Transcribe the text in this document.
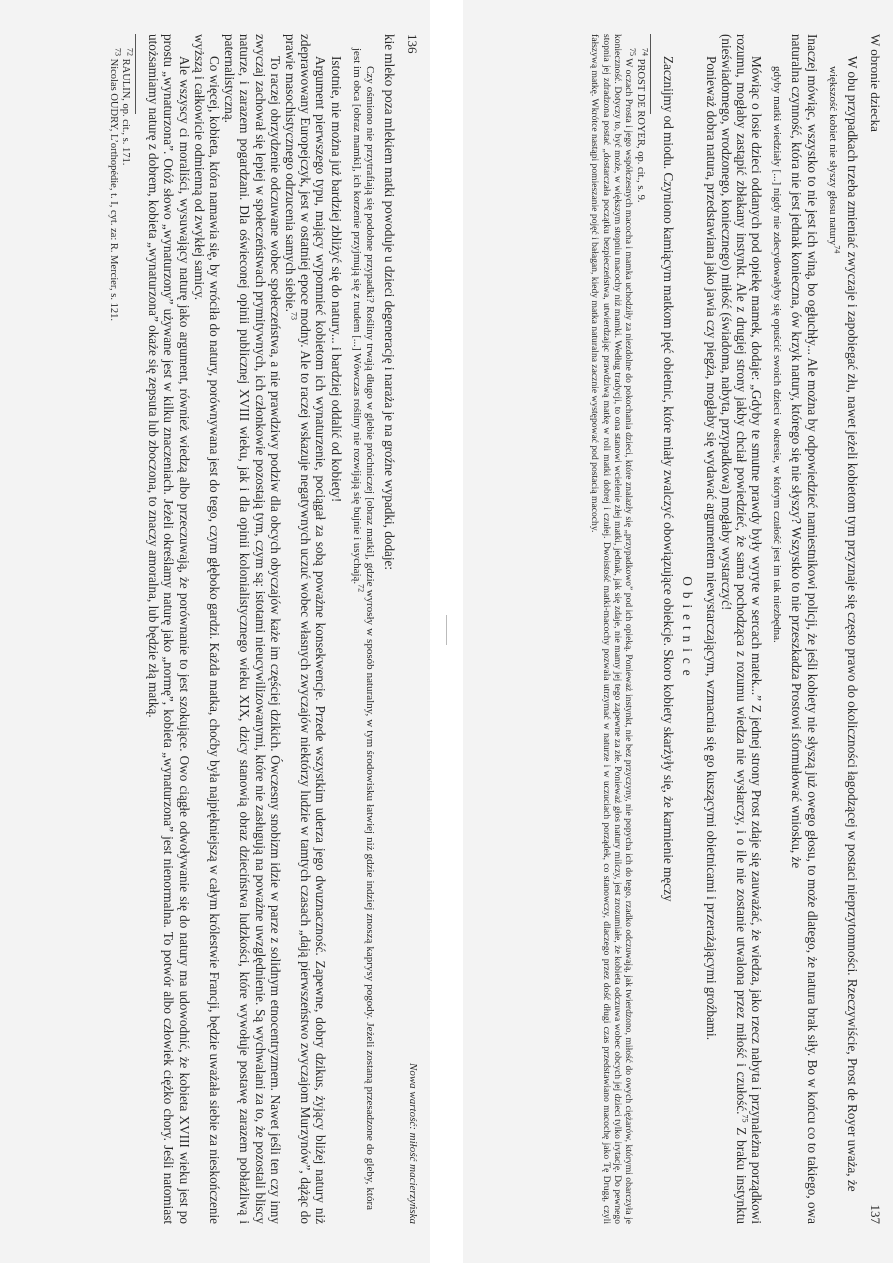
136
Nowa wartość: miłość macierzyńska

kie mleko poza mlekiem matki powoduje u dzieci degenerację i naraża je na groźne wypadki, dodaje:

Czy ośmiono nie przytrafiają się podobne przypadki? Rośliny trwają długo w glebie próchniczej [obraz matki], gdzie wyrosły w sposób naturalny, w tym środowisku łatwiej niż gdzie indziej znoszą kaprysy pogody. Jeżeli zostaną przesadzone do gleby, która jest im obca [obraz mamki], ich korzenie przyjmują się z trudem [...] Wówczas rośliny nie rozwijają się bujnie i usychają.$^{72}$

Istotnie, nie można już bardziej zbliżyć się do natury... i bardziej oddalić od kobiety!

Argument pierwszego typu, mający wypomnieć kobietom ich wynaturzenie, pociągał za sobą poważne konsekwencje. Przede wszystkim uderza jego dwuznaczność. Zapewne, dobry dzikus, żyjący bliżej natury niż zdeprawowany Europejczyk, jest w ostatniej epoce modny. Ale to raczej wskazuje negatywnych uczuć wobec własnych zwyczajów niektórzy ludzie w tamtych czasach „dają pierwszeństwo zwyczajom Murzynów”, dążąc do prawie masochistycznego odrzucenia samych siebie.$^{73}$

To raczej obrzydzenie odczuwane wobec społeczeństwa, a nie prawdziwy podziw dla obcych obyczajów każe im częściej dzikich. Ówczesny snobizm idzie w parze z solidnym etnocentryzmem. Nawet jeśli ten czy inny zwyczaj zachował się lepiej w społeczeństwach prymitywnych, ich członkowie pozostają tym, czym są: istotami nieucywilizowanymi, które nie zasługują na poważne uwzględnienie. Są wychwalani za to, że pozostali bliscy naturze, i zarazem pogardzani. Dla oświeconej opinii publicznej XVIII wieku, jak i dla opinii kolonialistycznego wieku XIX, dzicy stanowią obraz dzieciństwa ludzkości, które wywołuje postawę zarazem pobłażliwą i paternalistyczną.

Co więcej, kobieta, która namawia się, by wróciła do natury, porównywana jest do tego, czym głęboko gardzi. Każda matka, choćby była najpiękniejszą w całym królestwie Francji, będzie uważała siebie za nieskończenie wyższą i całkowicie odmienną od zwykłej samicy.

Ale wszyscy ci moraliści, wysuwający naturę jako argument, również wiedzą albo przeczuwają, że porównanie to jest szokujące. Owo ciągłe odwoływanie się do natury ma udowodnić, że kobieta XVIII wieku jest po prostu „wynaturzona”. Otóż słowo „wynaturzony” używane jest w kilku znaczeniach. Jeżeli określamy naturę jako „normę”, kobieta „wynaturzona” jest nienormalna. To potwór albo człowiek ciężko chory. Jeśli natomiast utożsamiamy naturę z dobrem, kobieta „wynaturzona” okaże się zepsuta lub zboczona, to znaczy amoralna, lub będzie złą matką.

$^{72}$ RAULIN, op. cit., s. 171.

$^{73}$ Nicolas OUDRY, L’orthopédie, t. I, cyt. za: R. Mercier, s. 121.	W obronie dziecka
137

W obu przypadkach trzeba zmieniać zwyczaje i zapobiegać złu, nawet jeżeli kobietom tym przyznaje się często prawo do okoliczności łagodzącej w postaci nieprzytomności. Rzeczywiście, Prost de Royer uważa, że

większość kobiet nie słyszy głosu natury$^{74}$

Inaczej mówiąc, wszystko to nie jest ich winą, bo ogłuchły... Ale można by odpowiedzieć namiestnikowi policji, że jeśli kobiety nie słyszą już owego głosu, to może dlatego, że natura brak siły. Bo w końcu co to takiego, owa naturalna czynność, która nie jest jednak konieczna, ów krzyk natury, którego się nie słyszy? Wszystko to nie przeszkadza Prostowi sformułować wniosku, że

gdyby matki wiedziały [...] nigdy nie zdecydowałyby się opuścić swoich dzieci w okresie, w którym czułość jest im tak niezbędna.

Mówiąc o losie dzieci oddanych pod opiekę mamek, dodaje: „Gdyby te smutne prawdy były wyryte w sercach matek...” Z jednej strony Prost zdaje się zauważać, że wiedza, jako rzecz nabyta i przynależna porządkowi rozumu, mogłaby zastąpić zbłakany instynkt. Ale z drugiej strony jakby chciał powiedzieć, że sama pochodząca z rozumu wiedza nie wysłarczy, i o ile nie zostanie utwalona przez miłość i czułość.$^{75}$ Z braku instynktu (nieświadomego, wrodzonego, koniecznego) miłość (świadoma, nabyta, przypadkowa) mogłaby wystarczyć!

Ponieważ dobra natura, przedstawiana jako jawia czy piegża, mogłaby się wydawać argumentem niewystarczającym, wzmacnia się go kuszącymi obietnicami i przerażającymi groźbami.

Obietnice

Zacznijmy od miodu. Czynionо kamiącym matkom pięć obietnic, które miały zwalczyć obowiązujące obiekcje. Skoro kobiety skarżyły się, że karmienie męczy

$^{74}$ PROST DE ROYER, op. cit., s. 9.

$^{75}$ W oczach Prosta i jego współczesnych macocha i mamka uchodziły za niezdolne do pokochania dzieci, które znalazły się „przypadkowo” pod ich opieką. Ponieważ instynkt, nie bez przyczyny, nie popycha ich do tego, rzadko odczuwają, jak twierdzono, miłość do owych ciężarów, którymi obarczyła je konieczność. Dotyczy to, być może, w większym stopniu macochy niż mamki. Według tradycji, to ona stanowi wcielenie złej matki, jednak, jak się zdaje, nie mamy jej tego zapewne za złe. Ponieważ głos natury milczy, jest zrozumiałe, że kobieta odczuwa wobec obcych jej dzieci tylko irytację. Do pewnego stopnia jej zdradzona postać „dostarczała początku bezpieczeństwa, utwierdzając prawdziwą matkę w roli matki dobrej i czułej. Dwoistość matki-macochy pozwala utrzymać w naturze i w uczuciach porządek, co stanowczy, dlaczego przez dość długi czas przedstawiano macochę jako Tę Drugą, czyli fałszywą matkę. Wkrótce nastąpi pomieszanie pojęć i bałagan, kiedy matka naturalna zacznie występować pod postacią macochy.
